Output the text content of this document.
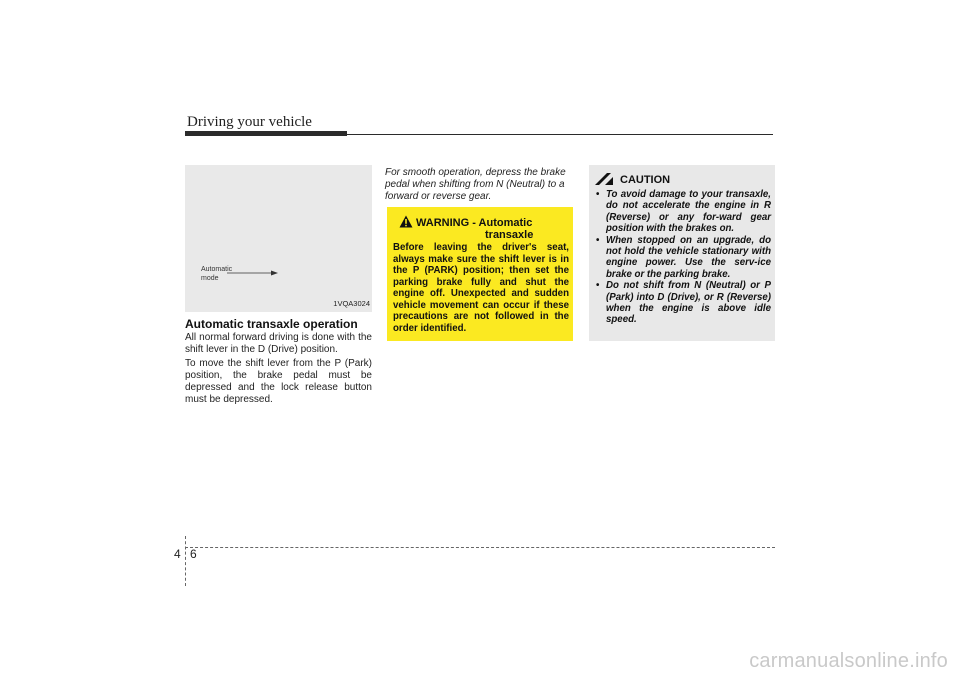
Driving your vehicle
Automatic
mode
1VQA3024
Automatic transaxle operation

All normal forward driving is done with the shift lever in the D (Drive) position.

To move the shift lever from the P (Park) position, the brake pedal must be depressed and the lock release button must be depressed.

For smooth operation, depress the brake pedal when shifting from N (Neutral) to a forward or reverse gear.

WARNING - Automatic
transaxle

Before leaving the driver's seat, always make sure the shift lever is in the P (PARK) position; then set the parking brake fully and shut the engine off. Unexpected and sudden vehicle movement can occur if these precautions are not followed in the order identified.

CAUTION
• To avoid damage to your transaxle, do not accelerate the engine in R (Reverse) or any for-ward gear position with the brakes on.
• When stopped on an upgrade, do not hold the vehicle stationary with engine power. Use the serv-ice brake or the parking brake.
• Do not shift from N (Neutral) or P (Park) into D (Drive), or R (Reverse) when the engine is above idle speed.
4 6
carmanualsonline.info
